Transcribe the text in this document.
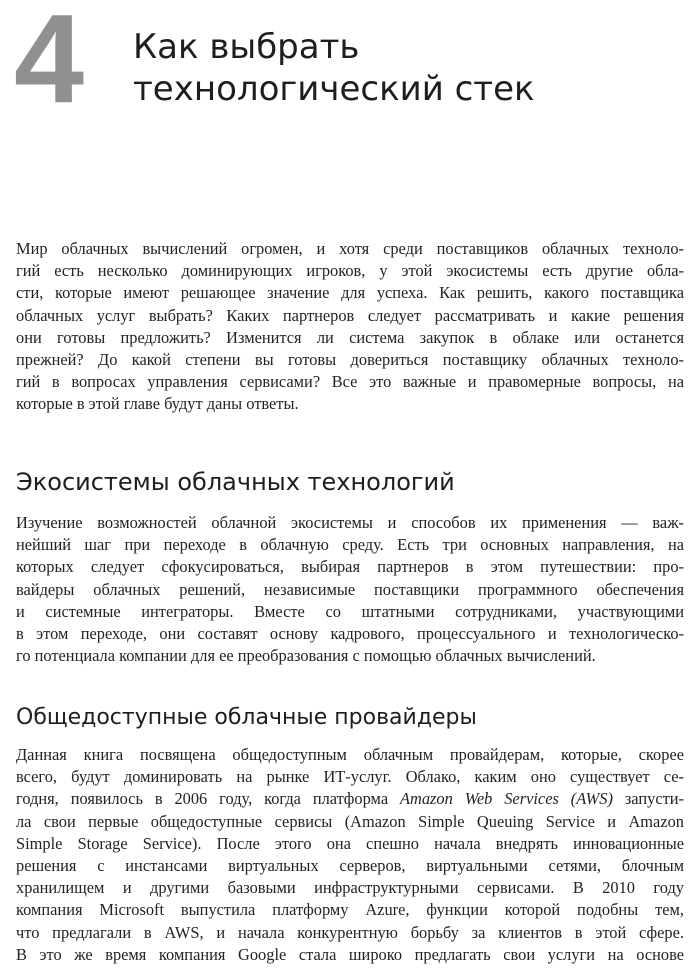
4 Как выбрать
технологический стек
Мир облачных вычислений огромен, и хотя среди поставщиков облачных техноло-
гий есть несколько доминирующих игроков, у этой экосистемы есть другие обла-
сти, которые имеют решающее значение для успеха. Как решить, какого поставщика
облачных услуг выбрать? Каких партнеров следует рассматривать и какие решения
они готовы предложить? Изменится ли система закупок в облаке или останется
прежней? До какой степени вы готовы довериться поставщику облачных техноло-
гий в вопросах управления сервисами? Все это важные и правомерные вопросы, на
которые в этой главе будут даны ответы.
Экосистемы облачных технологий
Изучение возможностей облачной экосистемы и способов их применения — важ-
нейший шаг при переходе в облачную среду. Есть три основных направления, на
которых следует сфокусироваться, выбирая партнеров в этом путешествии: про-
вайдеры облачных решений, независимые поставщики программного обеспечения
и системные интеграторы. Вместе со штатными сотрудниками, участвующими
в этом переходе, они составят основу кадрового, процессуального и технологическо-
го потенциала компании для ее преобразования с помощью облачных вычислений.
Общедоступные облачные провайдеры
Данная книга посвящена общедоступным облачным провайдерам, которые, скорее
всего, будут доминировать на рынке ИТ-услуг. Облако, каким оно существует се-
годня, появилось в 2006 году, когда платформа Amazon Web Services (AWS) запусти-
ла свои первые общедоступные сервисы (Amazon Simple Queuing Service и Amazon
Simple Storage Service). После этого она спешно начала внедрять инновационные
решения с инстансами виртуальных серверов, виртуальными сетями, блочным
хранилищем и другими базовыми инфраструктурными сервисами. В 2010 году
компания Microsoft выпустила платформу Azure, функции которой подобны тем,
что предлагали в AWS, и начала конкурентную борьбу за клиентов в этой сфере.
В это же время компания Google стала широко предлагать свои услуги на основе
